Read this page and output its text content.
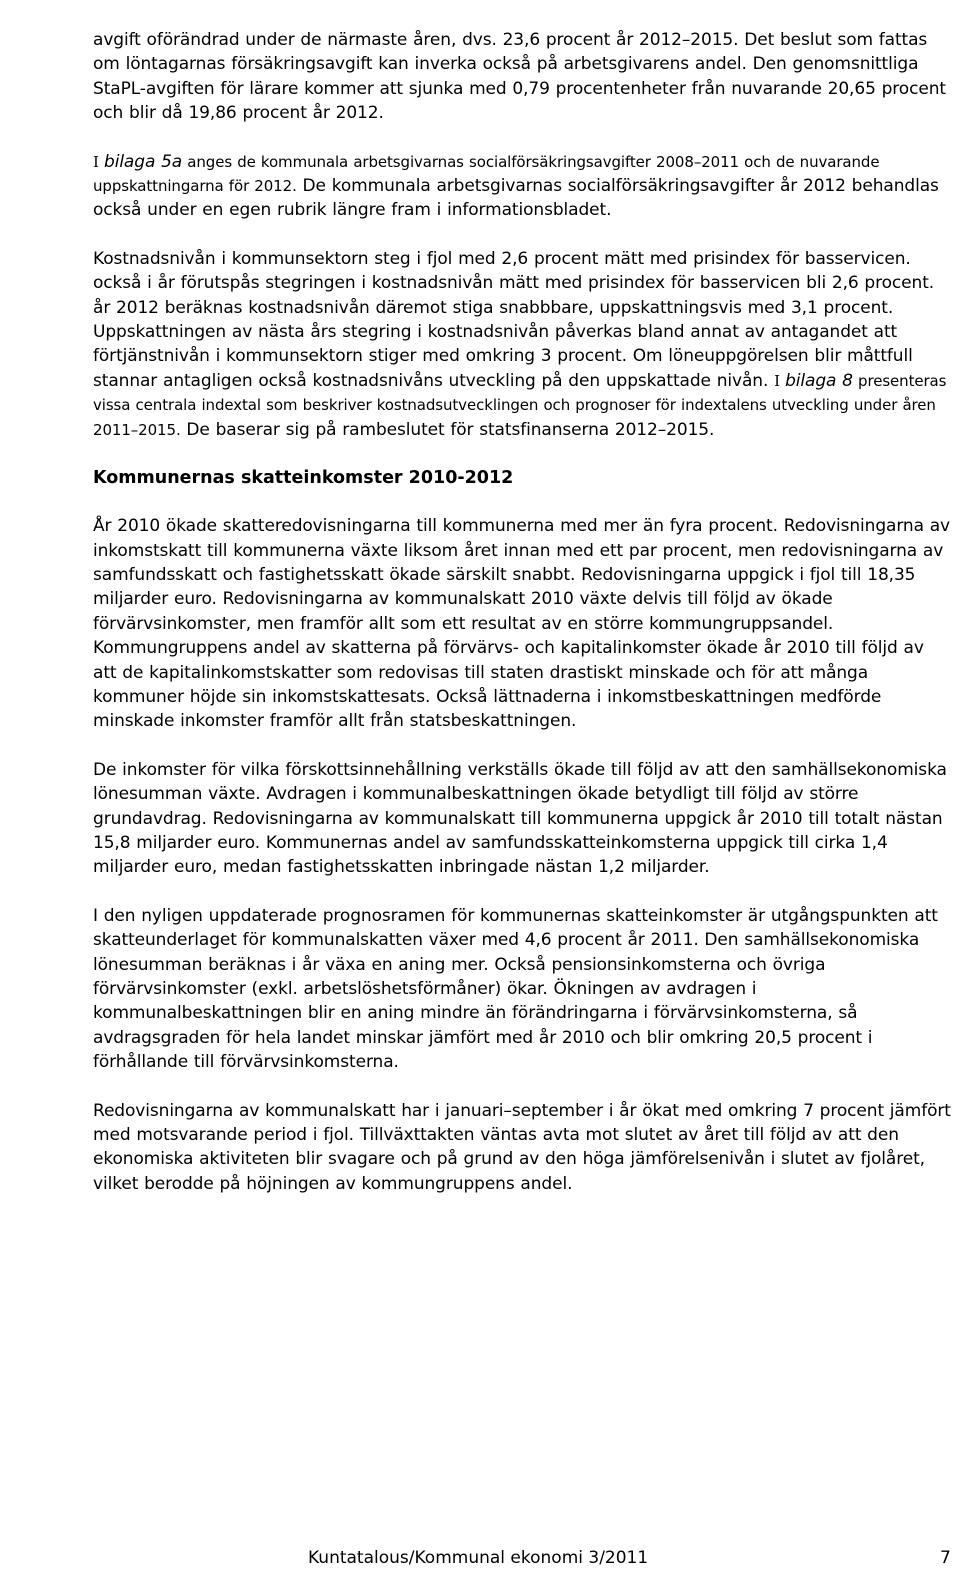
avgift oförändrad under de närmaste åren, dvs. 23,6 procent år 2012–2015. Det beslut som fattas om löntagarnas försäkringsavgift kan inverka också på arbetsgivarens andel. Den genomsnittliga StaPL-avgiften för lärare kommer att sjunka med 0,79 procentenheter från nuvarande 20,65 procent och blir då 19,86 procent år 2012.

I bilaga 5a anges de kommunala arbetsgivarnas socialförsäkringsavgifter 2008–2011 och de nuvarande uppskattningarna för 2012. De kommunala arbetsgivarnas socialförsäkringsavgifter år 2012 behandlas också under en egen rubrik längre fram i informationsbladet.

Kostnadsnivån i kommunsektorn steg i fjol med 2,6 procent mätt med prisindex för basservicen. också i år förutspås stegringen i kostnadsnivån mätt med prisindex för basservicen bli 2,6 procent. år 2012 beräknas kostnadsnivån däremot stiga snabbbare, uppskattningsvis med 3,1 procent. Uppskattningen av nästa års stegring i kostnadsnivån påverkas bland annat av antagandet att förtjänstnivån i kommunsektorn stiger med omkring 3 procent. Om löneuppgörelsen blir måttfull stannar antagligen också kostnadsnivåns utveckling på den uppskattade nivån. I bilaga 8 presenteras vissa centrala indextal som beskriver kostnadsutvecklingen och prognoser för indextalens utveckling under åren 2011–2015. De baserar sig på rambeslutet för statsfinanserna 2012–2015.

Kommunernas skatteinkomster 2010-2012

År 2010 ökade skatteredovisningarna till kommunerna med mer än fyra procent. Redovisningarna av inkomstskatt till kommunerna växte liksom året innan med ett par procent, men redovisningarna av samfundsskatt och fastighetsskatt ökade särskilt snabbt. Redovisningarna uppgick i fjol till 18,35 miljarder euro. Redovisningarna av kommunalskatt 2010 växte delvis till följd av ökade förvärvsinkomster, men framför allt som ett resultat av en större kommungruppsandel. Kommungruppens andel av skatterna på förvärvs- och kapitalinkomster ökade år 2010 till följd av att de kapitalinkomstskatter som redovisas till staten drastiskt minskade och för att många kommuner höjde sin inkomstskattesats. Också lättnaderna i inkomstbeskattningen medförde minskade inkomster framför allt från statsbeskattningen.

De inkomster för vilka förskottsinnehållning verkställs ökade till följd av att den samhällsekonomiska lönesumman växte. Avdragen i kommunalbeskattningen ökade betydligt till följd av större grundavdrag. Redovisningarna av kommunalskatt till kommunerna uppgick år 2010 till totalt nästan 15,8 miljarder euro. Kommunernas andel av samfundsskatteinkomsterna uppgick till cirka 1,4 miljarder euro, medan fastighetsskatten inbringade nästan 1,2 miljarder.

I den nyligen uppdaterade prognosramen för kommunernas skatteinkomster är utgångspunkten att skatteunderlaget för kommunalskatten växer med 4,6 procent år 2011. Den samhällsekonomiska lönesumman beräknas i år växa en aning mer. Också pensionsinkomsterna och övriga förvärvsinkomster (exkl. arbetslöshetsförmåner) ökar. Ökningen av avdragen i kommunalbeskattningen blir en aning mindre än förändringarna i förvärvsinkomsterna, så avdragsgraden för hela landet minskar jämfört med år 2010 och blir omkring 20,5 procent i förhållande till förvärvsinkomsterna.

Redovisningarna av kommunalskatt har i januari–september i år ökat med omkring 7 procent jämfört med motsvarande period i fjol. Tillväxttakten väntas avta mot slutet av året till följd av att den ekonomiska aktiviteten blir svagare och på grund av den höga jämförelsenivån i slutet av fjolåret, vilket berodde på höjningen av kommungruppens andel.

Kuntatalous/Kommunal ekonomi 3/2011	7
